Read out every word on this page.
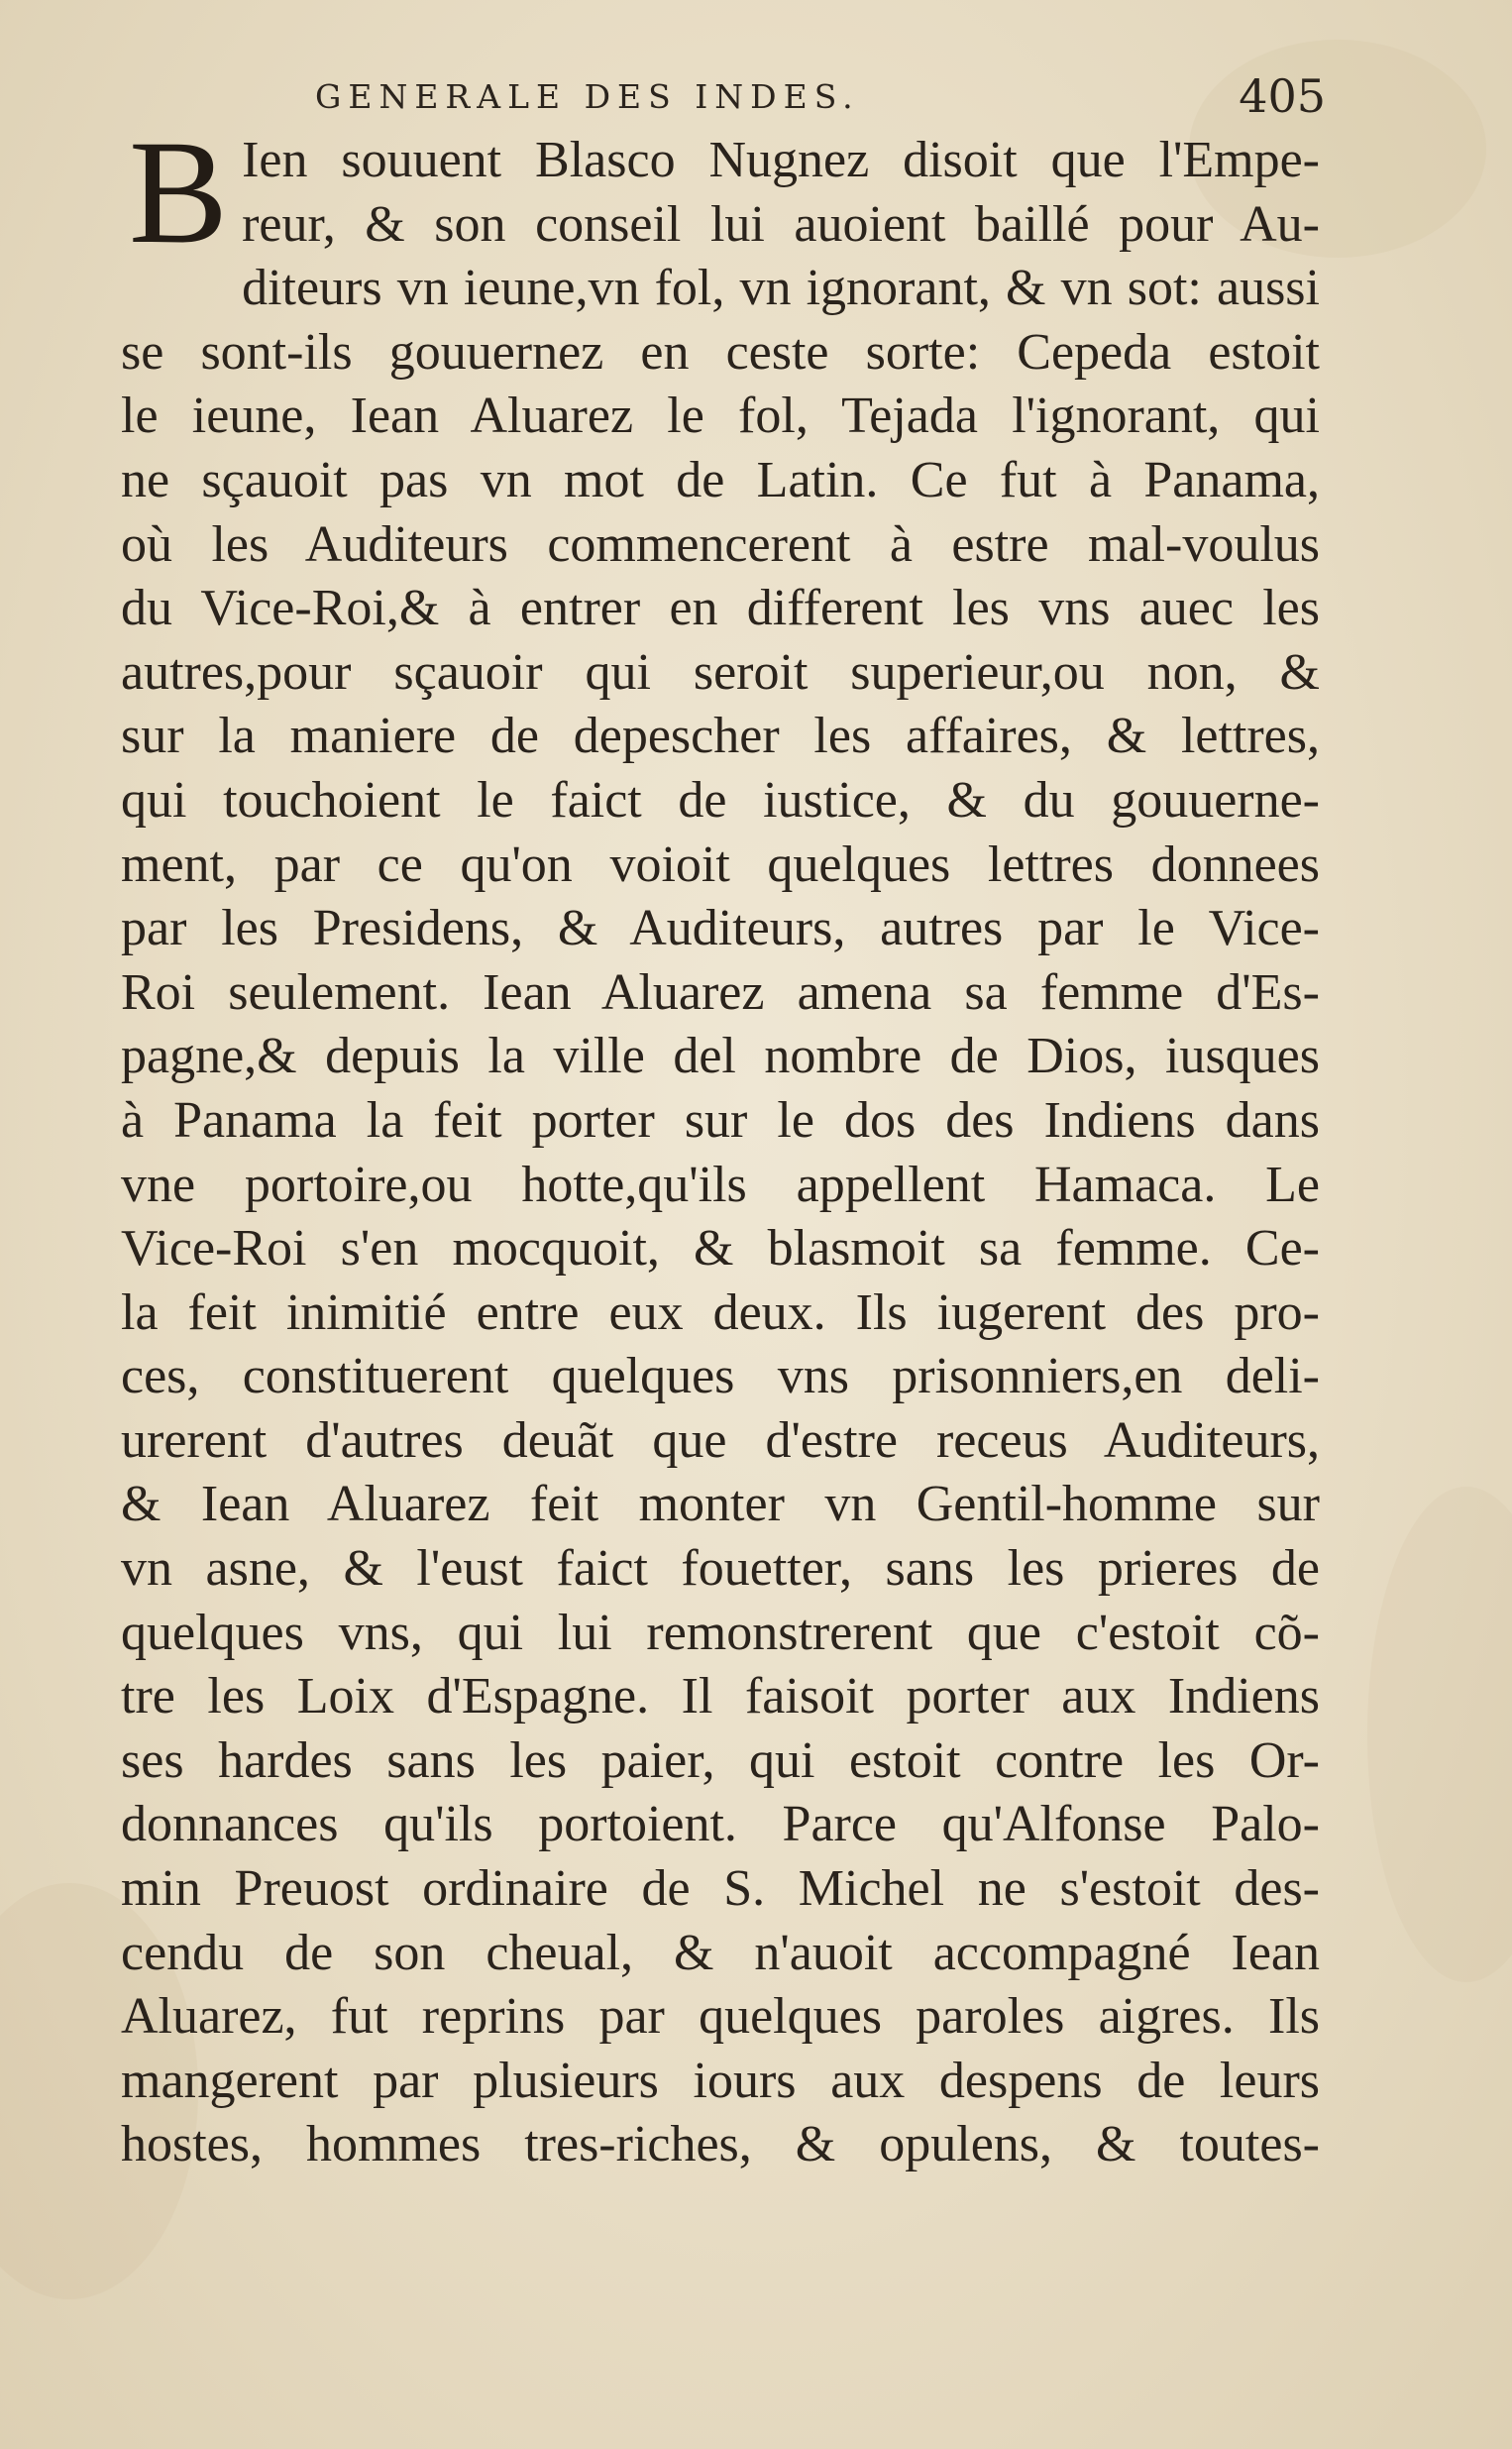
GENERALE DES INDES.	405
B Ien souuent Blasco Nugnez disoit que l'Empe-
reur, & son conseil lui auoient baillé pour Au-
diteurs vn ieune,vn fol, vn ignorant, & vn sot: aussi
se sont-ils gouuernez en ceste sorte: Cepeda estoit
le ieune, Iean Aluarez le fol, Tejada l'ignorant, qui
ne sçauoit pas vn mot de Latin. Ce fut à Panama,
où les Auditeurs commencerent à estre mal-voulus
du Vice-Roi,& à entrer en different les vns auec les
autres,pour sçauoir qui seroit superieur,ou non, &
sur la maniere de depescher les affaires, & lettres,
qui touchoient le faict de iustice, & du gouuerne-
ment, par ce qu'on voioit quelques lettres donnees
par les Presidens, & Auditeurs, autres par le Vice-
Roi seulement. Iean Aluarez amena sa femme d'Es-
pagne,& depuis la ville del nombre de Dios, iusques
à Panama la feit porter sur le dos des Indiens dans
vne portoire,ou hotte,qu'ils appellent Hamaca. Le
Vice-Roi s'en mocquoit, & blasmoit sa femme. Ce-
la feit inimitié entre eux deux. Ils iugerent des pro-
ces, constituerent quelques vns prisonniers,en deli-
urerent d'autres deuãt que d'estre receus Auditeurs,
& Iean Aluarez feit monter vn Gentil-homme sur
vn asne, & l'eust faict fouetter, sans les prieres de
quelques vns, qui lui remonstrerent que c'estoit cõ-
tre les Loix d'Espagne. Il faisoit porter aux Indiens
ses hardes sans les paier, qui estoit contre les Or-
donnances qu'ils portoient. Parce qu'Alfonse Palo-
min Preuost ordinaire de S. Michel ne s'estoit des-
cendu de son cheual, & n'auoit accompagné Iean
Aluarez, fut reprins par quelques paroles aigres. Ils
mangerent par plusieurs iours aux despens de leurs
hostes, hommes tres-riches, & opulens, & toutes-
